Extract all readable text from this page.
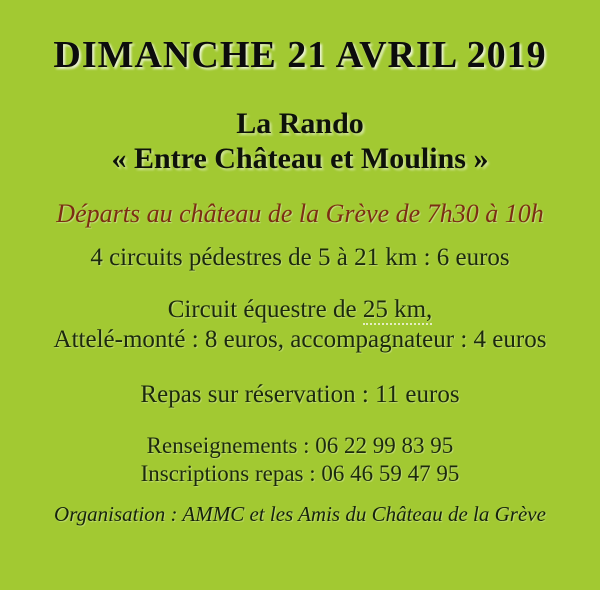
DIMANCHE 21 AVRIL 2019
La Rando
« Entre Château et Moulins »
Départs au château de la Grève de 7h30 à 10h
4 circuits pédestres de 5 à 21 km : 6 euros
Circuit équestre de 25 km,
Attelé-monté : 8 euros, accompagnateur : 4 euros
Repas sur réservation : 11 euros
Renseignements : 06 22 99 83 95
Inscriptions repas : 06 46 59 47 95
Organisation : AMMC et les Amis du Château de la Grève
